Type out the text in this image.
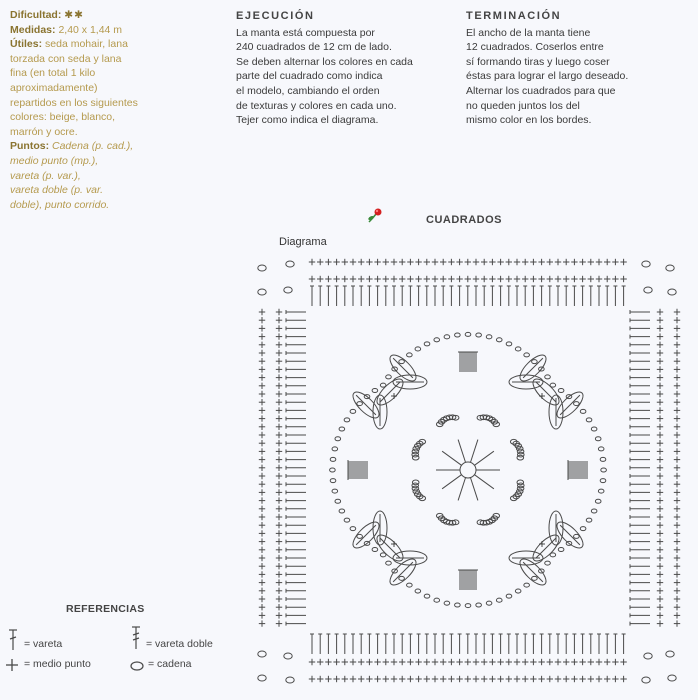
Dificultad: ✱✱
Medidas: 2,40 x 1,44 m
Útiles: seda mohair, lana
torzada con seda y lana
fina (en total 1 kilo
aproximadamente)
repartidos en los siguientes
colores: beige, blanco,
marrón y ocre.
Puntos: Cadena (p. cad.),
medio punto (mp.),
vareta (p. var.),
vareta doble (p. var.
doble), punto corrido.
EJECUCIÓN
La manta está compuesta por
240 cuadrados de 12 cm de lado.
Se deben alternar los colores en cada
parte del cuadrado como indica
el modelo, cambiando el orden
de texturas y colores en cada uno.
Tejer como indica el diagrama.
TERMINACIÓN
El ancho de la manta tiene
12 cuadrados. Coserlos entre
sí formando tiras y luego coser
éstas para lograr el largo deseado.
Alternar los cuadrados para que
no queden juntos los del
mismo color en los bordes.
CUADRADOS
Diagrama
REFERENCIAS
= vareta	= vareta doble
= medio punto	= cadena
